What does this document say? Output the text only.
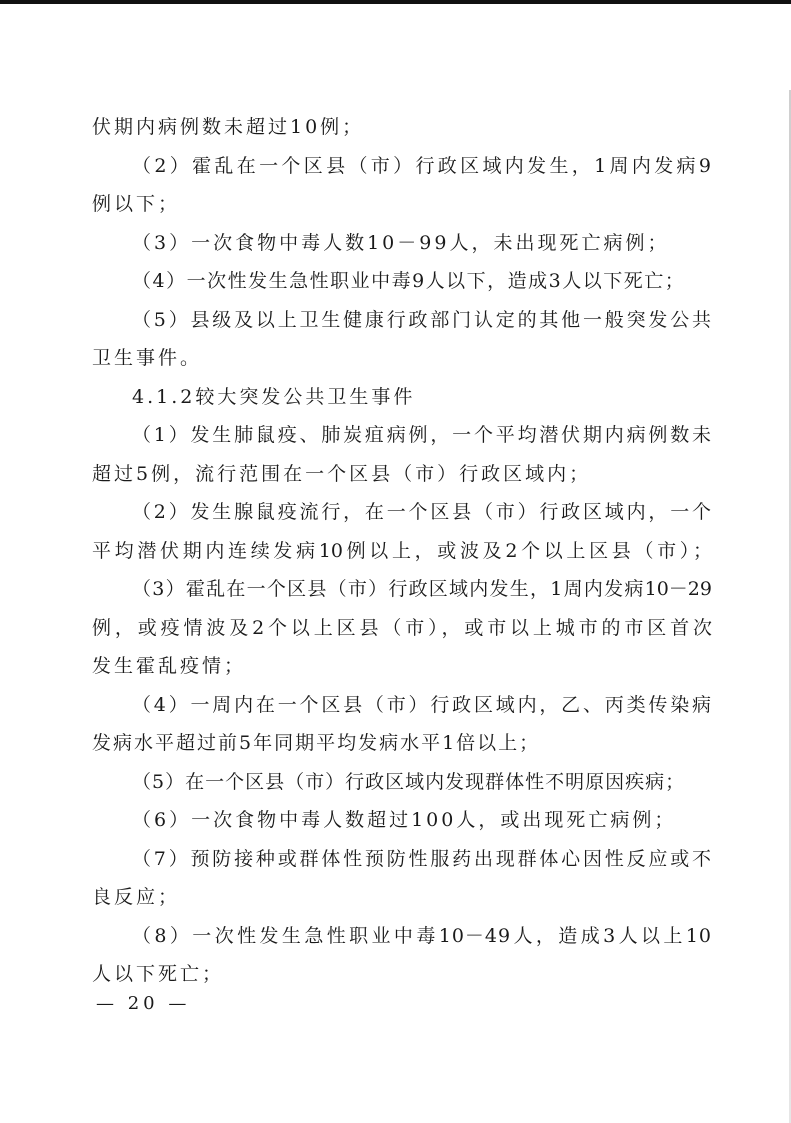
伏期内病例数未超过10例；
（2）霍乱在一个区县（市）行政区域内发生，1周内发病9
例以下；
（3）一次食物中毒人数10－99人，未出现死亡病例；
（4）一次性发生急性职业中毒9人以下，造成3人以下死亡；
（5）县级及以上卫生健康行政部门认定的其他一般突发公共
卫生事件。
4.1.2较大突发公共卫生事件
（1）发生肺鼠疫、肺炭疽病例，一个平均潜伏期内病例数未
超过5例，流行范围在一个区县（市）行政区域内；
（2）发生腺鼠疫流行，在一个区县（市）行政区域内，一个
平均潜伏期内连续发病10例以上，或波及2个以上区县（市）；
（3）霍乱在一个区县（市）行政区域内发生，1周内发病10－29
例，或疫情波及2个以上区县（市），或市以上城市的市区首次
发生霍乱疫情；
（4）一周内在一个区县（市）行政区域内，乙、丙类传染病
发病水平超过前5年同期平均发病水平1倍以上；
（5）在一个区县（市）行政区域内发现群体性不明原因疾病；
（6）一次食物中毒人数超过100人，或出现死亡病例；
（7）预防接种或群体性预防性服药出现群体心因性反应或不
良反应；
（8）一次性发生急性职业中毒10－49人，造成3人以上10
人以下死亡；
— 20 —
